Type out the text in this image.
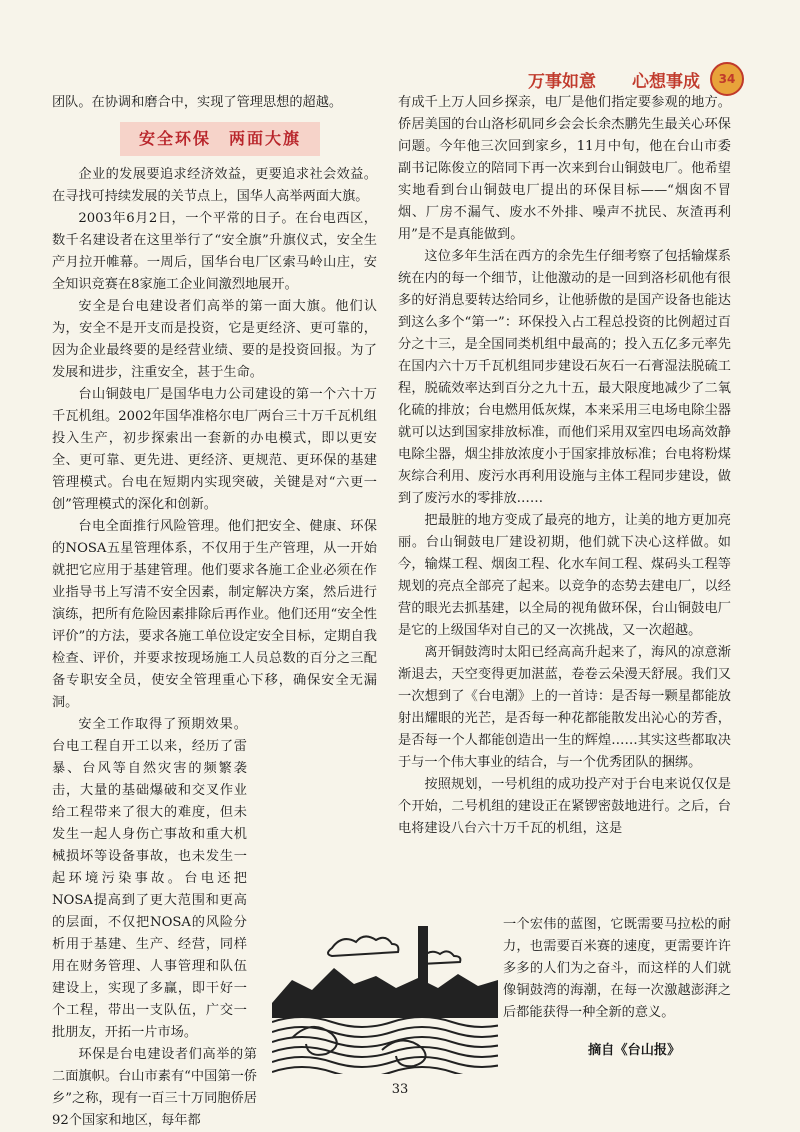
万事如意 心想事成 34

团队。在协调和磨合中，实现了管理思想的超越。

安全环保　两面大旗

企业的发展要追求经济效益，更要追求社会效益。在寻找可持续发展的关节点上，国华人高举两面大旗。

2003年6月2日，一个平常的日子。在台电西区，数千名建设者在这里举行了“安全旗”升旗仪式，安全生产月拉开帷幕。一周后，国华台电厂区索马岭山庄，安全知识竞赛在8家施工企业间激烈地展开。

安全是台电建设者们高举的第一面大旗。他们认为，安全不是开支而是投资，它是更经济、更可靠的，因为企业最终要的是经营业绩、要的是投资回报。为了发展和进步，注重安全，甚于生命。

台山铜鼓电厂是国华电力公司建设的第一个六十万千瓦机组。2002年国华准格尔电厂两台三十万千瓦机组投入生产，初步探索出一套新的办电模式，即以更安全、更可靠、更先进、更经济、更规范、更环保的基建管理模式。台电在短期内实现突破，关键是对“六更一创”管理模式的深化和创新。

台电全面推行风险管理。他们把安全、健康、环保的NOSA五星管理体系，不仅用于生产管理，从一开始就把它应用于基建管理。他们要求各施工企业必须在作业指导书上写清不安全因素，制定解决方案，然后进行演练，把所有危险因素排除后再作业。他们还用“安全性评价”的方法，要求各施工单位设定安全目标，定期自我检查、评价，并要求按现场施工人员总数的百分之三配备专职安全员，使安全管理重心下移，确保安全无漏洞。

安全工作取得了预期效果。台电工程自开工以来，经历了雷暴、台风等自然灾害的频繁袭击，大量的基础爆破和交叉作业给工程带来了很大的难度，但未发生一起人身伤亡事故和重大机械损坏等设备事故，也未发生一起环境污染事故。台电还把NOSA提高到了更大范围和更高的层面，不仅把NOSA的风险分析用于基建、生产、经营，同样用在财务管理、人事管理和队伍建设上，实现了多赢，即干好一个工程，带出一支队伍，广交一批朋友，开拓一片市场。

环保是台电建设者们高举的第二面旗帜。台山市素有“中国第一侨乡”之称，现有一百三十万同胞侨居92个国家和地区，每年都

有成千上万人回乡探亲，电厂是他们指定要参观的地方。侨居美国的台山洛杉矶同乡会会长余杰鹏先生最关心环保问题。今年他三次回到家乡，11月中旬，他在台山市委副书记陈俊立的陪同下再一次来到台山铜鼓电厂。他希望实地看到台山铜鼓电厂提出的环保目标——“烟囱不冒烟、厂房不漏气、废水不外排、噪声不扰民、灰渣再利用”是不是真能做到。

这位多年生活在西方的余先生仔细考察了包括输煤系统在内的每一个细节，让他激动的是一回到洛杉矶他有很多的好消息要转达给同乡，让他骄傲的是国产设备也能达到这么多个“第一”：环保投入占工程总投资的比例超过百分之十三，是全国同类机组中最高的；投入五亿多元率先在国内六十万千瓦机组同步建设石灰石一石膏湿法脱硫工程，脱硫效率达到百分之九十五，最大限度地减少了二氧化硫的排放；台电燃用低灰煤，本来采用三电场电除尘器就可以达到国家排放标准，而他们采用双室四电场高效静电除尘器，烟尘排放浓度小于国家排放标准；台电将粉煤灰综合利用、废污水再利用设施与主体工程同步建设，做到了废污水的零排放……

把最脏的地方变成了最亮的地方，让美的地方更加亮丽。台山铜鼓电厂建设初期，他们就下决心这样做。如今，输煤工程、烟囱工程、化水车间工程、煤码头工程等规划的亮点全部亮了起来。以竞争的态势去建电厂，以经营的眼光去抓基建，以全局的视角做环保，台山铜鼓电厂是它的上级国华对自己的又一次挑战，又一次超越。

离开铜鼓湾时太阳已经高高升起来了，海风的凉意渐渐退去，天空变得更加湛蓝，卷卷云朵漫天舒展。我们又一次想到了《台电潮》上的一首诗：是否每一颗星都能放射出耀眼的光芒，是否每一种花都能散发出沁心的芳香，是否每一个人都能创造出一生的辉煌……其实这些都取决于与一个伟大事业的结合，与一个优秀团队的捆绑。

按照规划，一号机组的成功投产对于台电来说仅仅是个开始，二号机组的建设正在紧锣密鼓地进行。之后，台电将建设八台六十万千瓦的机组，这是

一个宏伟的蓝图，它既需要马拉松的耐力，也需要百米赛的速度，更需要许许多多的人们为之奋斗，而这样的人们就像铜鼓湾的海潮，在每一次激越澎湃之后都能获得一种全新的意义。

摘自《台山报》
33
